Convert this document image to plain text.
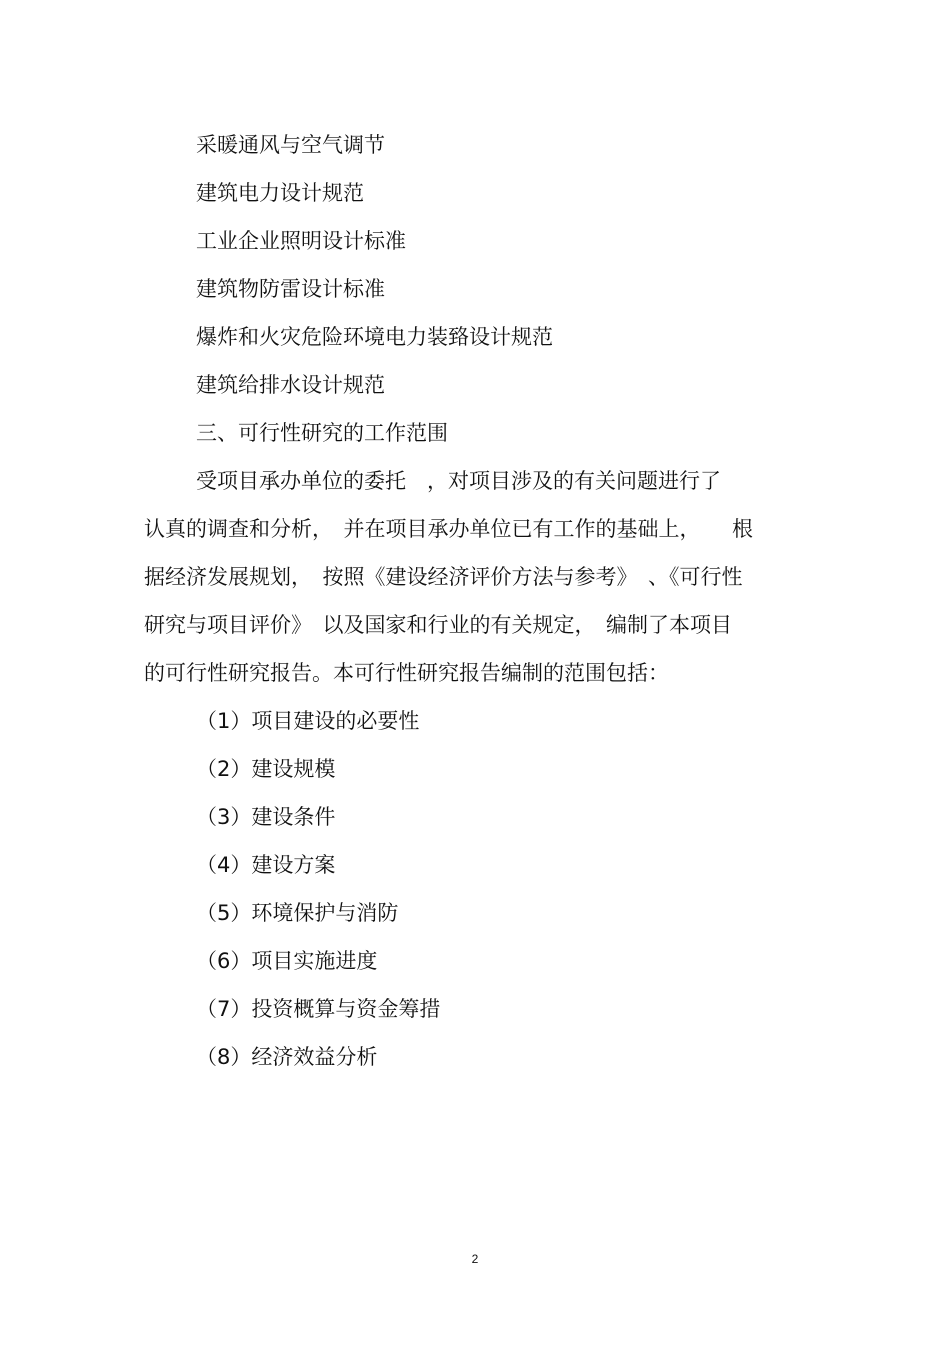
采暖通风与空气调节
建筑电力设计规范
工业企业照明设计标准
建筑物防雷设计标准
爆炸和火灾危险环境电力装臵设计规范
建筑给排水设计规范
三、可行性研究的工作范围
受项目承办单位的委托　，对项目涉及的有关问题进行了
认真的调查和分析，　并在项目承办单位已有工作的基础上，　　根
据经济发展规划，　按照《建设经济评价方法与参考》　、《可行性
研究与项目评价》　以及国家和行业的有关规定，　编制了本项目
的可行性研究报告。本可行性研究报告编制的范围包括：
（1）项目建设的必要性
（2）建设规模
（3）建设条件
（4）建设方案
（5）环境保护与消防
（6）项目实施进度
（7）投资概算与资金筹措
（8）经济效益分析
2
